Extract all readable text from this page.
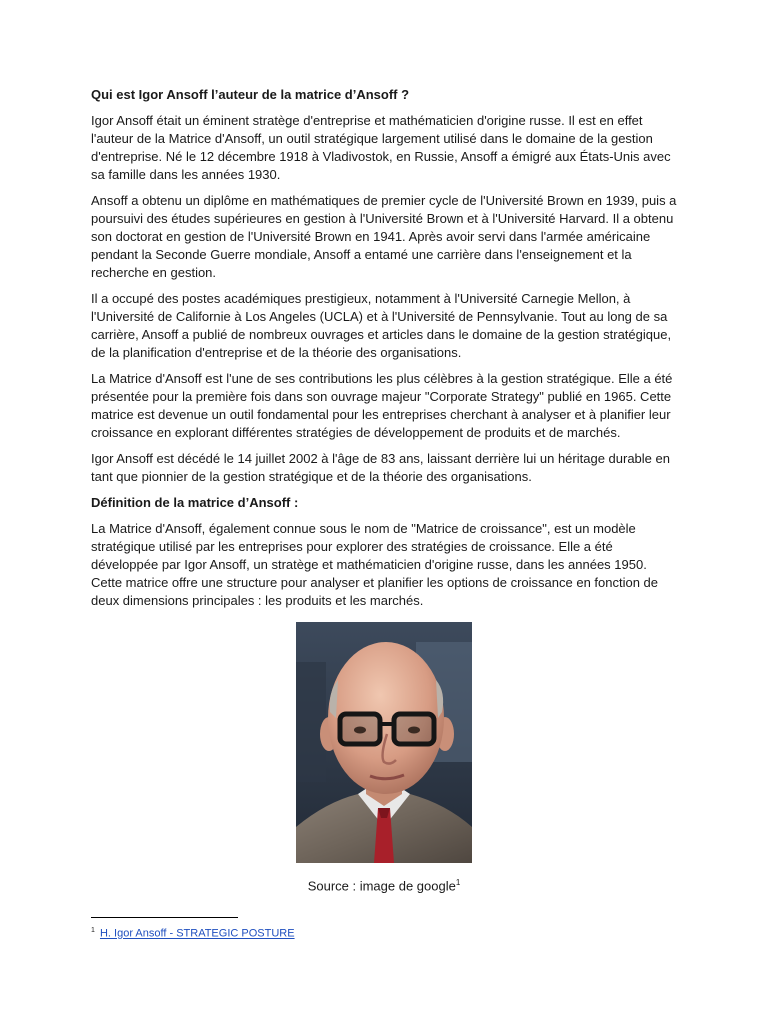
Qui est Igor Ansoff l’auteur de la matrice d’Ansoff ?

Igor Ansoff était un éminent stratège d'entreprise et mathématicien d'origine russe. Il est en effet l'auteur de la Matrice d'Ansoff, un outil stratégique largement utilisé dans le domaine de la gestion d'entreprise. Né le 12 décembre 1918 à Vladivostok, en Russie, Ansoff a émigré aux États-Unis avec sa famille dans les années 1930.

Ansoff a obtenu un diplôme en mathématiques de premier cycle de l'Université Brown en 1939, puis a poursuivi des études supérieures en gestion à l'Université Brown et à l'Université Harvard. Il a obtenu son doctorat en gestion de l'Université Brown en 1941. Après avoir servi dans l'armée américaine pendant la Seconde Guerre mondiale, Ansoff a entamé une carrière dans l'enseignement et la recherche en gestion.

Il a occupé des postes académiques prestigieux, notamment à l'Université Carnegie Mellon, à l'Université de Californie à Los Angeles (UCLA) et à l'Université de Pennsylvanie. Tout au long de sa carrière, Ansoff a publié de nombreux ouvrages et articles dans le domaine de la gestion stratégique, de la planification d'entreprise et de la théorie des organisations.

La Matrice d'Ansoff est l'une de ses contributions les plus célèbres à la gestion stratégique. Elle a été présentée pour la première fois dans son ouvrage majeur "Corporate Strategy" publié en 1965. Cette matrice est devenue un outil fondamental pour les entreprises cherchant à analyser et à planifier leur croissance en explorant différentes stratégies de développement de produits et de marchés.

Igor Ansoff est décédé le 14 juillet 2002 à l'âge de 83 ans, laissant derrière lui un héritage durable en tant que pionnier de la gestion stratégique et de la théorie des organisations.

Définition de la matrice d’Ansoff :

La Matrice d'Ansoff, également connue sous le nom de "Matrice de croissance", est un modèle stratégique utilisé par les entreprises pour explorer des stratégies de croissance. Elle a été développée par Igor Ansoff, un stratège et mathématicien d'origine russe, dans les années 1950. Cette matrice offre une structure pour analyser et planifier les options de croissance en fonction de deux dimensions principales : les produits et les marchés.

Source : image de google$^1$
$^1$ H. Igor Ansoff - STRATEGIC POSTURE
